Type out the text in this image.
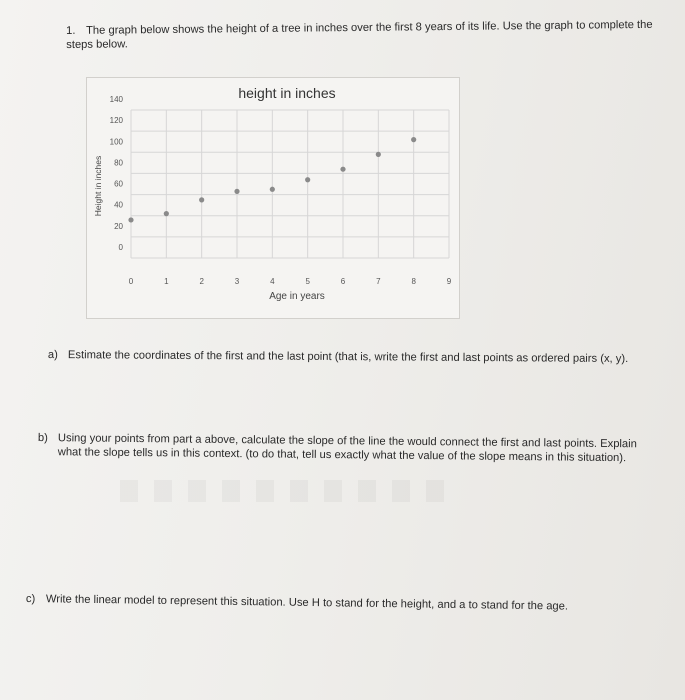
1. The graph below shows the height of a tree in inches over the first 8 years of its life. Use the graph to complete the steps below.
height in inches
0
20
40
60
80
100
120
140
0	1	2	3	4	5	6	7	8	9
Age in years
Height in inches
a) Estimate the coordinates of the first and the last point (that is, write the first and last points as ordered pairs (x, y).
b) Using your points from part a above, calculate the slope of the line the would connect the first and last points. Explain what the slope tells us in this context. (to do that, tell us exactly what the value of the slope means in this situation).
c) Write the linear model to represent this situation. Use H to stand for the height, and a to stand for the age.
